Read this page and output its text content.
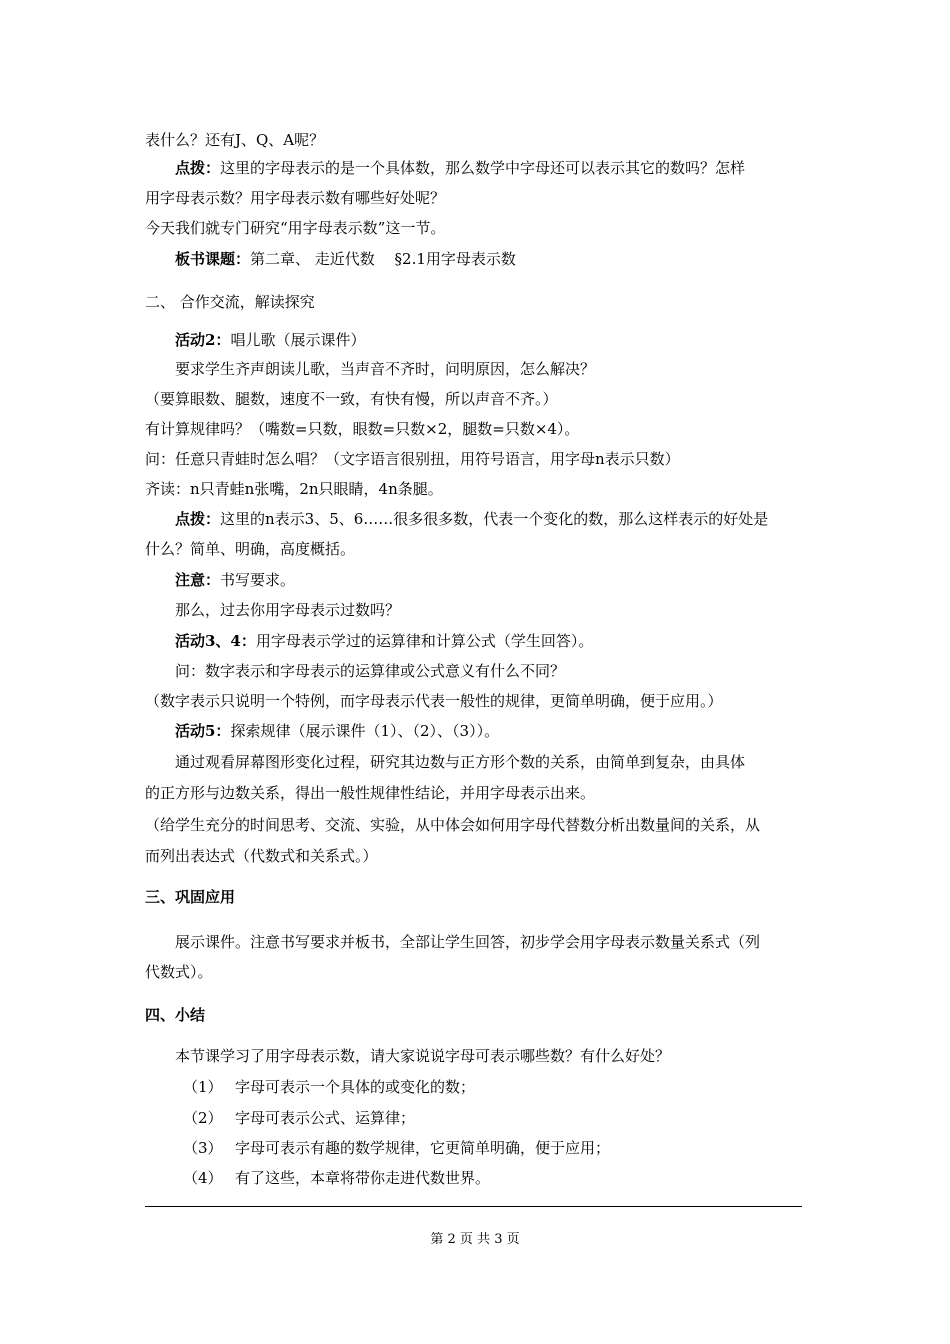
表什么？还有J、Q、A呢？
点拨：这里的字母表示的是一个具体数，那么数学中字母还可以表示其它的数吗？怎样
用字母表示数？用字母表示数有哪些好处呢？
今天我们就专门研究“用字母表示数”这一节。
板书课题：第二章、 走近代数　 §2.1用字母表示数
二、 合作交流，解读探究
活动2：唱儿歌（展示课件）
要求学生齐声朗读儿歌，当声音不齐时，问明原因，怎么解决？
（要算眼数、腿数，速度不一致，有快有慢，所以声音不齐。）
有计算规律吗？（嘴数=只数，眼数=只数×2，腿数=只数×4）。
问：任意只青蛙时怎么唱？（文字语言很别扭，用符号语言，用字母n表示只数）
齐读：n只青蛙n张嘴，2n只眼睛，4n条腿。
点拨：这里的n表示3、5、6……很多很多数，代表一个变化的数，那么这样表示的好处是
什么？简单、明确，高度概括。
注意：书写要求。
那么，过去你用字母表示过数吗？
活动3、4：用字母表示学过的运算律和计算公式（学生回答）。
问：数字表示和字母表示的运算律或公式意义有什么不同？
（数字表示只说明一个特例，而字母表示代表一般性的规律，更简单明确，便于应用。）
活动5：探索规律（展示课件（1）、（2）、（3））。
通过观看屏幕图形变化过程，研究其边数与正方形个数的关系，由简单到复杂，由具体
的正方形与边数关系，得出一般性规律性结论，并用字母表示出来。
（给学生充分的时间思考、交流、实验，从中体会如何用字母代替数分析出数量间的关系，从
而列出表达式（代数式和关系式。）
三、巩固应用
展示课件。注意书写要求并板书，全部让学生回答，初步学会用字母表示数量关系式（列
代数式）。
四、小结
本节课学习了用字母表示数，请大家说说字母可表示哪些数？有什么好处？
（1） 字母可表示一个具体的或变化的数；
（2） 字母可表示公式、运算律；
（3） 字母可表示有趣的数学规律，它更简单明确，便于应用；
（4） 有了这些，本章将带你走进代数世界。
第 2 页 共 3 页
